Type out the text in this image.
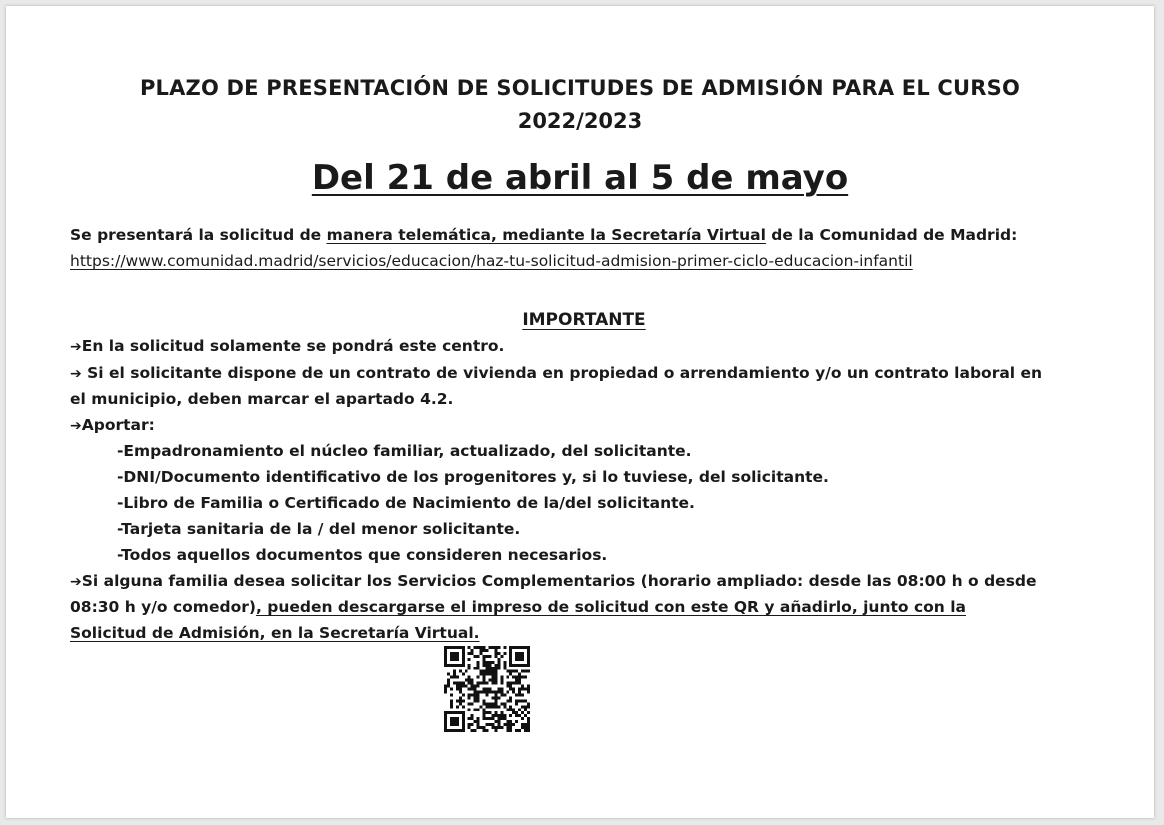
PLAZO DE PRESENTACIÓN DE SOLICITUDES DE ADMISIÓN PARA EL CURSO
2022/2023
Del 21 de abril al 5 de mayo
Se presentará la solicitud de manera telemática, mediante la Secretaría Virtual de la Comunidad de Madrid:
https://www.comunidad.madrid/servicios/educacion/haz-tu-solicitud-admision-primer-ciclo-educacion-infantil
IMPORTANTE
➔En la solicitud solamente se pondrá este centro.
➔ Si el solicitante dispone de un contrato de vivienda en propiedad o arrendamiento y/o un contrato laboral en
el municipio, deben marcar el apartado 4.2.
➔Aportar:
-Empadronamiento el núcleo familiar, actualizado, del solicitante.
-DNI/Documento identificativo de los progenitores y, si lo tuviese, del solicitante.
-Libro de Familia o Certificado de Nacimiento de la/del solicitante.
-Tarjeta sanitaria de la / del menor solicitante.
-Todos aquellos documentos que consideren necesarios.
➔Si alguna familia desea solicitar los Servicios Complementarios (horario ampliado: desde las 08:00 h o desde
08:30 h y/o comedor), pueden descargarse el impreso de solicitud con este QR y añadirlo, junto con la
Solicitud de Admisión, en la Secretaría Virtual.
